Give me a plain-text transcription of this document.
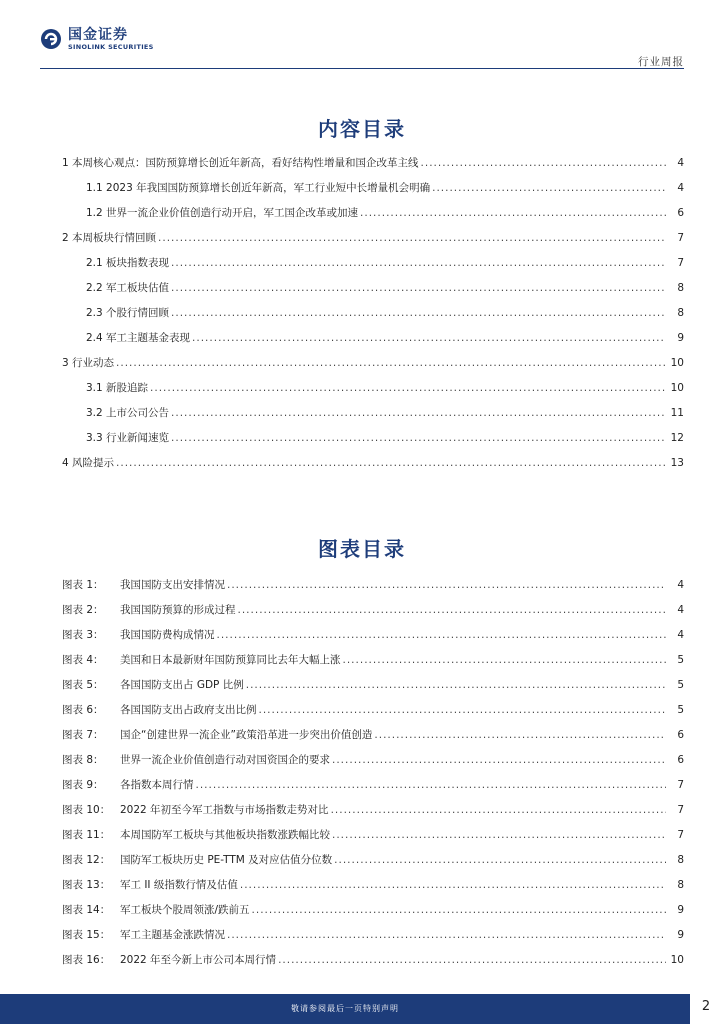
国金证券
SINOLINK SECURITIES
行业周报
内容目录
1 本周核心观点：国防预算增长创近年新高，看好结构性增量和国企改革主线 .....	4
1.1 2023 年我国国防预算增长创近年新高，军工行业短中长增量机会明确 .....	4
1.2 世界一流企业价值创造行动开启，军工国企改革或加速 .....	6
2 本周板块行情回顾 .....	7
2.1 板块指数表现 .....	7
2.2 军工板块估值 .....	8
2.3 个股行情回顾 .....	8
2.4 军工主题基金表现 .....	9
3 行业动态 .....	10
3.1 新股追踪 .....	10
3.2 上市公司公告 .....	11
3.3 行业新闻速览 .....	12
4 风险提示 .....	13
图表目录
图表 1：	我国国防支出安排情况 .....	4
图表 2：	我国国防预算的形成过程 .....	4
图表 3：	我国国防费构成情况 .....	4
图表 4：	美国和日本最新财年国防预算同比去年大幅上涨 .....	5
图表 5：	各国国防支出占 GDP 比例 .....	5
图表 6：	各国国防支出占政府支出比例 .....	5
图表 7：	国企“创建世界一流企业”政策沿革进一步突出价值创造 .....	6
图表 8：	世界一流企业价值创造行动对国资国企的要求 .....	6
图表 9：	各指数本周行情 .....	7
图表 10： 2022 年初至今军工指数与市场指数走势对比 .....	7
图表 11： 本周国防军工板块与其他板块指数涨跌幅比较 .....	7
图表 12： 国防军工板块历史 PE-TTM 及对应估值分位数 .....	8
图表 13： 军工 II 级指数行情及估值 .....	8
图表 14： 军工板块个股周领涨/跌前五 .....	9
图表 15： 军工主题基金涨跌情况 .....	9
图表 16： 2022 年至今新上市公司本周行情 .....	10
敬请参阅最后一页特别声明	2
